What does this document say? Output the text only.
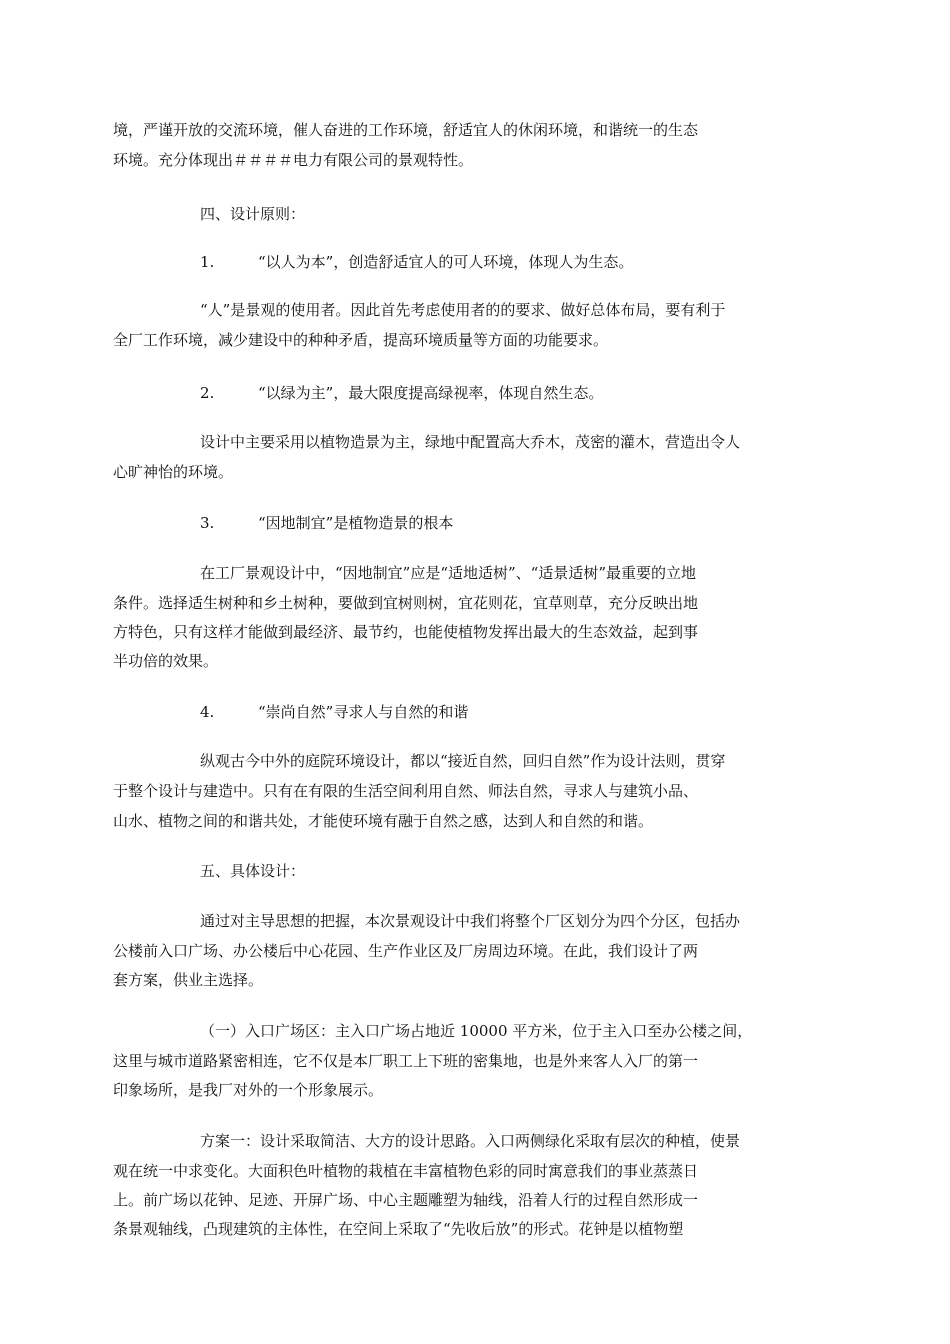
境，严谨开放的交流环境，催人奋进的工作环境，舒适宜人的休闲环境，和谐统一的生态
环境。充分体现出＃＃＃＃电力有限公司的景观特性。
四、设计原则：
1.	“以人为本”，创造舒适宜人的可人环境，体现人为生态。
“人”是景观的使用者。因此首先考虑使用者的的要求、做好总体布局，要有利于
全厂工作环境，减少建设中的种种矛盾，提高环境质量等方面的功能要求。
2.	“以绿为主”，最大限度提高绿视率，体现自然生态。
设计中主要采用以植物造景为主，绿地中配置高大乔木，茂密的灌木，营造出令人
心旷神怡的环境。
3.	“因地制宜”是植物造景的根本
在工厂景观设计中，“因地制宜”应是“适地适树”、“适景适树”最重要的立地
条件。选择适生树种和乡土树种，要做到宜树则树，宜花则花，宜草则草，充分反映出地
方特色，只有这样才能做到最经济、最节约，也能使植物发挥出最大的生态效益，起到事
半功倍的效果。
4.	“崇尚自然”寻求人与自然的和谐
纵观古今中外的庭院环境设计，都以“接近自然，回归自然”作为设计法则，贯穿
于整个设计与建造中。只有在有限的生活空间利用自然、师法自然，寻求人与建筑小品、
山水、植物之间的和谐共处，才能使环境有融于自然之感，达到人和自然的和谐。
五、具体设计：
通过对主导思想的把握，本次景观设计中我们将整个厂区划分为四个分区，包括办
公楼前入口广场、办公楼后中心花园、生产作业区及厂房周边环境。在此，我们设计了两
套方案，供业主选择。
（一）入口广场区：主入口广场占地近 10000 平方米，位于主入口至办公楼之间，
这里与城市道路紧密相连，它不仅是本厂职工上下班的密集地，也是外来客人入厂的第一
印象场所，是我厂对外的一个形象展示。
方案一：设计采取简洁、大方的设计思路。入口两侧绿化采取有层次的种植，使景
观在统一中求变化。大面积色叶植物的栽植在丰富植物色彩的同时寓意我们的事业蒸蒸日
上。前广场以花钟、足迹、开屏广场、中心主题雕塑为轴线，沿着人行的过程自然形成一
条景观轴线，凸现建筑的主体性，在空间上采取了“先收后放”的形式。花钟是以植物塑
